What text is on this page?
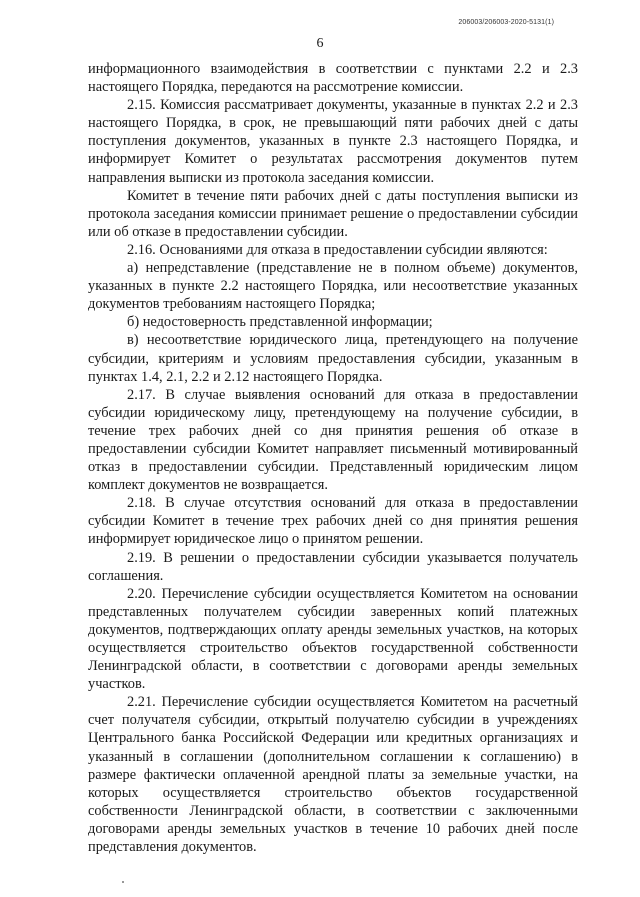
206003/206003-2020-5131(1)
6

информационного взаимодействия в соответствии с пунктами 2.2 и 2.3 настоящего Порядка, передаются на рассмотрение комиссии.

2.15. Комиссия рассматривает документы, указанные в пунктах 2.2 и 2.3 настоящего Порядка, в срок, не превышающий пяти рабочих дней с даты поступления документов, указанных в пункте 2.3 настоящего Порядка, и информирует Комитет о результатах рассмотрения документов путем направления выписки из протокола заседания комиссии.

Комитет в течение пяти рабочих дней с даты поступления выписки из протокола заседания комиссии принимает решение о предоставлении субсидии или об отказе в предоставлении субсидии.

2.16. Основаниями для отказа в предоставлении субсидии являются:

а) непредставление (представление не в полном объеме) документов, указанных в пункте 2.2 настоящего Порядка, или несоответствие указанных документов требованиям настоящего Порядка;

б) недостоверность представленной информации;

в) несоответствие юридического лица, претендующего на получение субсидии, критериям и условиям предоставления субсидии, указанным в пунктах 1.4, 2.1, 2.2 и 2.12 настоящего Порядка.

2.17. В случае выявления оснований для отказа в предоставлении субсидии юридическому лицу, претендующему на получение субсидии, в течение трех рабочих дней со дня принятия решения об отказе в предоставлении субсидии Комитет направляет письменный мотивированный отказ в предоставлении субсидии. Представленный юридическим лицом комплект документов не возвращается.

2.18. В случае отсутствия оснований для отказа в предоставлении субсидии Комитет в течение трех рабочих дней со дня принятия решения информирует юридическое лицо о принятом решении.

2.19. В решении о предоставлении субсидии указывается получатель соглашения.

2.20. Перечисление субсидии осуществляется Комитетом на основании представленных получателем субсидии заверенных копий платежных документов, подтверждающих оплату аренды земельных участков, на которых осуществляется строительство объектов государственной собственности Ленинградской области, в соответствии с договорами аренды земельных участков.

2.21. Перечисление субсидии осуществляется Комитетом на расчетный счет получателя субсидии, открытый получателю субсидии в учреждениях Центрального банка Российской Федерации или кредитных организациях и указанный в соглашении (дополнительном соглашении к соглашению) в размере фактически оплаченной арендной платы за земельные участки, на которых осуществляется строительство объектов государственной собственности Ленинградской области, в соответствии с заключенными договорами аренды земельных участков в течение 10 рабочих дней после представления документов.
